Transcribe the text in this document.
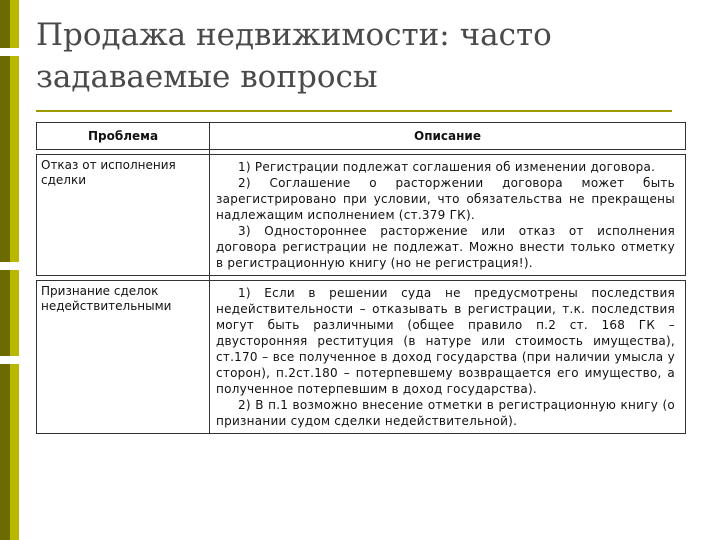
Продажа недвижимости: часто
задаваемые вопросы
Проблема	Описание

Отказ от исполнения сделки	1) Регистрации подлежат соглашения об изменении договора.

2) Соглашение о расторжении договора может быть зарегистрировано при условии, что обязательства не прекращены надлежащим исполнением (ст.379 ГК).

3) Одностороннее расторжение или отказ от исполнения договора регистрации не подлежат. Можно внести только отметку в регистрационную книгу (но не регистрация!).

Признание сделок недействительными	1) Если в решении суда не предусмотрены последствия недействительности – отказывать в регистрации, т.к. последствия могут быть различными (общее правило п.2 ст. 168 ГК – двусторонняя реституция (в натуре или стоимость имущества), ст.170 – все полученное в доход государства (при наличии умысла у сторон), п.2ст.180 – потерпевшему возвращается его имущество, а полученное потерпевшим в доход государства).

2) В п.1 возможно внесение отметки в регистрационную книгу (о признании судом сделки недействительной).
